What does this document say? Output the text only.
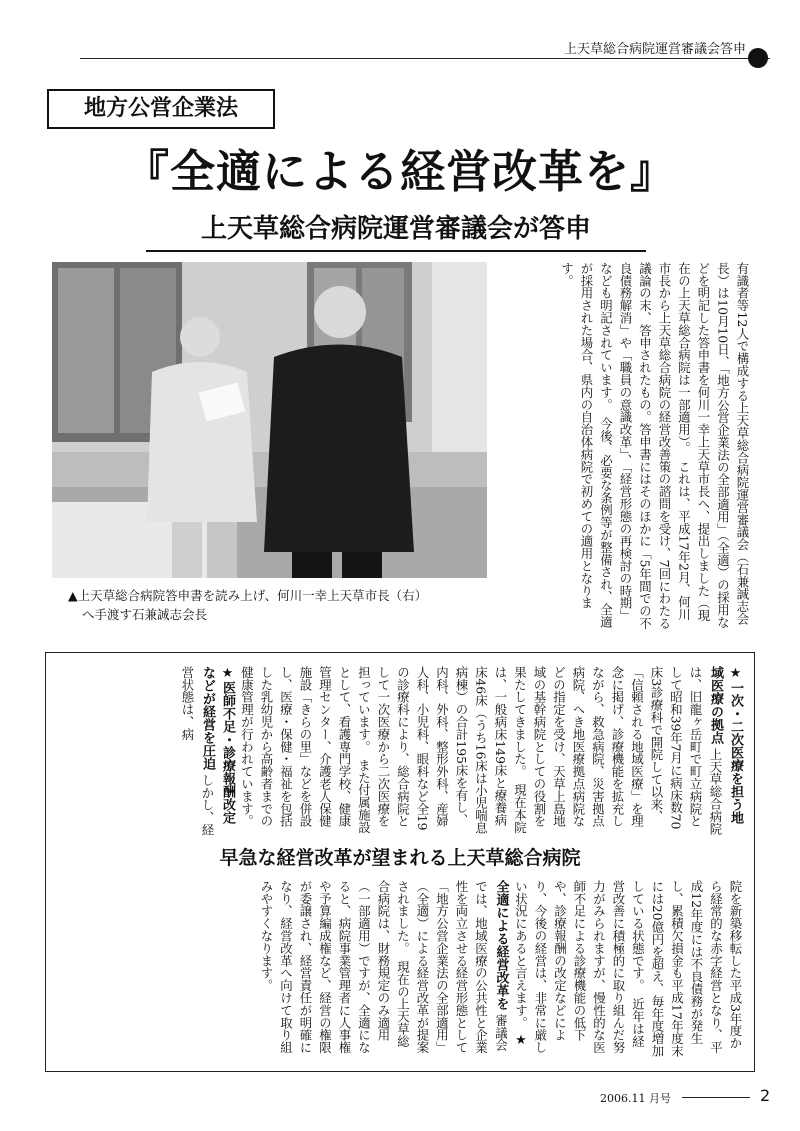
上天草総合病院運営審議会答申
地方公営企業法
『全適による経営改革を』
上天草総合病院運営審議会が答申
▲上天草総合病院答申書を読み上げ、何川一幸上天草市長（右）
へ手渡す石兼誠志会長	有識者等12人で構成する上天草総合病院運営審議会（石兼誠志会長）は10月10日、「地方公営企業法の全部適用」（全適）の採用などを明記した答申書を何川一幸上天草市長へ、提出しました（現在の上天草総合病院は一部適用）。　これは、平成17年2月、何川市長から上天草総合病院の経営改善策の諮問を受け、7回にわたる議論の末、答申されたもの。答申書にはそのほかに「5年間での不良債務解消」や「職員の意識改革」、「経営形態の再検討の時期」なども明記されています。　今後、必要な条例等が整備され、全適が採用された場合、県内の自治体病院で初めての適用となります。
★一次・二次医療を担う地域医療の拠点 上天草総合病院は、旧龍ヶ岳町で町立病院として昭和39年7月に病床数70床3診療科で開院して以来、「信頼される地域医療」を理念に掲げ、診療機能を拡充しながら、救急病院、災害拠点病院、へき地医療拠点病院などの指定を受け、天草上島地域の基幹病院としての役割を果たしてきました。　現在本院は、一般病床149床と療養病床46床（うち16床は小児喘息病棟）の合計195床を有し、内科、外科、整形外科、産婦人科、小児科、眼科など全19の診療科により、総合病院として一次医療から二次医療を担っています。　また付属施設として、看護専門学校、健康管理センター、介護老人保健施設「きらの里」などを併設し、医療・保健・福祉を包括した乳幼児から高齢者までの健康管理が行われています。 ★医師不足・診療報酬改定などが経営を圧迫 しかし、経営状態は、病
早急な経営改革が望まれる上天草総合病院
院を新築移転した平成3年度から経常的な赤字経営となり、平成12年度には不良債務が発生し、累積欠損金も平成17年度末には20億円を超え、毎年度増加している状態です。　近年は経営改善に積極的に取り組んだ努力がみられますが、慢性的な医師不足による診療機能の低下や、診療報酬の改定などにより、今後の経営は、非常に厳しい状況にあると言えます。 ★全適による経営改革を 審議会では、地域医療の公共性と企業性を両立させる経営形態として「地方公営企業法の全部適用」（全適）による経営改革が提案されました。　現在の上天草総合病院は、財務規定のみ適用（一部適用）ですが、全適になると、病院事業管理者に人事権や予算編成権など、経営の権限が委譲され、経営責任が明確になり、経営改革へ向けて取り組みやすくなります。
2006.11 月号	2
